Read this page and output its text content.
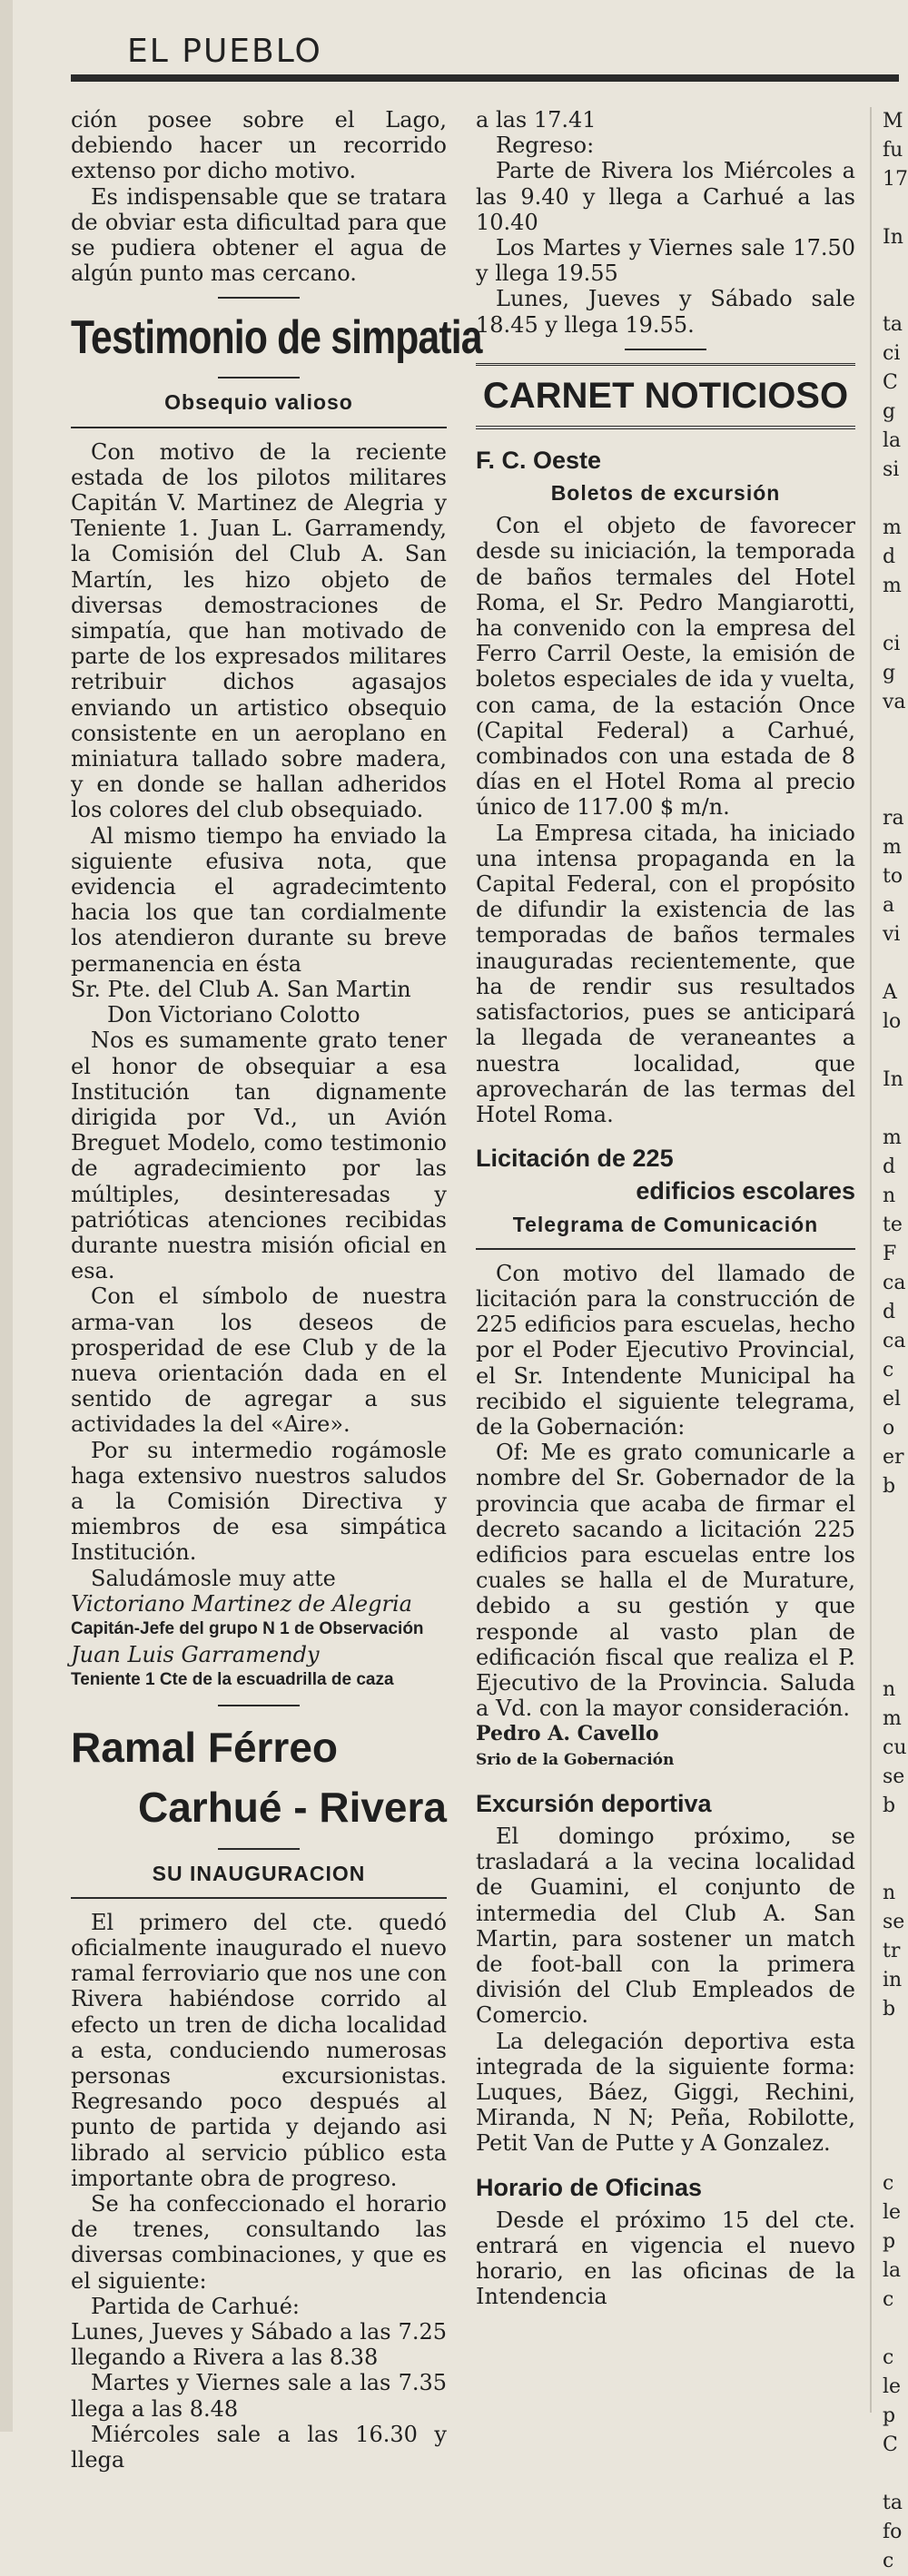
EL PUEBLO

ción posee sobre el Lago, debiendo hacer un recorrido extenso por dicho motivo.

Es indispensable que se tratara de obviar esta dificultad para que se pudiera obtener el agua de algún punto mas cercano.

Testimonio de simpatia
Obsequio valioso

Con motivo de la reciente estada de los pilotos militares Capitán V. Martinez de Alegria y Teniente 1. Juan L. Garramendy, la Comisión del Club A. San Martín, les hizo objeto de diversas demostraciones de simpatía, que han motivado de parte de los expresados militares retribuir dichos agasajos enviando un artistico obsequio consistente en un aeroplano en miniatura tallado sobre madera, y en donde se hallan adheridos los colores del club obsequiado.

Al mismo tiempo ha enviado la siguiente efusiva nota, que evidencia el agradecimtento hacia los que tan cordialmente los atendieron durante su breve permanencia en ésta

Sr. Pte. del Club A. San Martin

Don Victoriano Colotto

Nos es sumamente grato tener el honor de obsequiar a esa Institución tan dignamente dirigida por Vd., un Avión Breguet Modelo, como testimonio de agradecimiento por las múltiples, desinteresadas y patrióticas atenciones recibidas durante nuestra misión oficial en esa.

Con el símbolo de nuestra arma-van los deseos de prosperidad de ese Club y de la nueva orientación dada en el sentido de agregar a sus actividades la del «Aire».

Por su intermedio rogámosle haga extensivo nuestros saludos a la Comisión Directiva y miembros de esa simpática Institución.

Saludámosle muy atte

Victoriano Martinez de Alegria

Capitán-Jefe del grupo N 1 de Observación

Juan Luis Garramendy

Teniente 1 Cte de la escuadrilla de caza

Ramal Férreo
Carhué - Rivera
SU INAUGURACION

El primero del cte. quedó oficialmente inaugurado el nuevo ramal ferroviario que nos une con Rivera habiéndose corrido al efecto un tren de dicha localidad a esta, conduciendo numerosas personas excursionistas. Regresando poco después al punto de partida y dejando asi librado al servicio público esta importante obra de progreso.

Se ha confeccionado el horario de trenes, consultando las diversas combinaciones, y que es el siguiente:

Partida de Carhué:

Lunes, Jueves y Sábado a las 7.25 llegando a Rivera a las 8.38

Martes y Viernes sale a las 7.35 llega a las 8.48

Miércoles sale a las 16.30 y llega

a las 17.41

Regreso:

Parte de Rivera los Miércoles a las 9.40 y llega a Carhué a las 10.40

Los Martes y Viernes sale 17.50 y llega 19.55

Lunes, Jueves y Sábado sale 18.45 y llega 19.55.

CARNET NOTICIOSO
F. C. Oeste
Boletos de excursión

Con el objeto de favorecer desde su iniciación, la temporada de baños termales del Hotel Roma, el Sr. Pedro Mangiarotti, ha convenido con la empresa del Ferro Carril Oeste, la emisión de boletos especiales de ida y vuelta, con cama, de la estación Once (Capital Federal) a Carhué, combinados con una estada de 8 días en el Hotel Roma al precio único de 117.00 $ m/n.

La Empresa citada, ha iniciado una intensa propaganda en la Capital Federal, con el propósito de difundir la existencia de las temporadas de baños termales inauguradas recientemente, que ha de rendir sus resultados satisfactorios, pues se anticipará la llegada de veraneantes a nuestra localidad, que aprovecharán de las termas del Hotel Roma.

Licitación de 225
edificios escolares
Telegrama de Comunicación

Con motivo del llamado de licitación para la construcción de 225 edificios para escuelas, hecho por el Poder Ejecutivo Provincial, el Sr. Intendente Municipal ha recibido el siguiente telegrama, de la Gobernación:

Of: Me es grato comunicarle a nombre del Sr. Gobernador de la provincia que acaba de firmar el decreto sacando a licitación 225 edificios para escuelas entre los cuales se halla el de Murature, debido a su gestión y que responde al vasto plan de edificación fiscal que realiza el P. Ejecutivo de la Provincia. Saluda a Vd. con la mayor consideración.

Pedro A. Cavello

Srio de la Gobernación

Excursión deportiva

El domingo próximo, se trasladará a la vecina localidad de Guamini, el conjunto de intermedia del Club A. San Martin, para sostener un match de foot-ball con la primera división del Club Empleados de Comercio.

La delegación deportiva esta integrada de la siguiente forma: Luques, Báez, Giggi, Rechini, Miranda, N N; Peña, Robilotte, Petit Van de Putte y A Gonzalez.

Horario de Oficinas

Desde el próximo 15 del cte. entrará en vigencia el nuevo horario, en las oficinas de la Intendencia

M
fu
17

In

ta
ci
C
g
la
si

m
d
m

ci
g
va

ra
m
to
a
vi

A
lo

In

m
d
n
te
F
ca
d
ca
c
el
o
er
b

n
m
cu
se
b

n
se
tr
in
b

c
le
p
la
c

c
le
p
C

ta
fo
c
